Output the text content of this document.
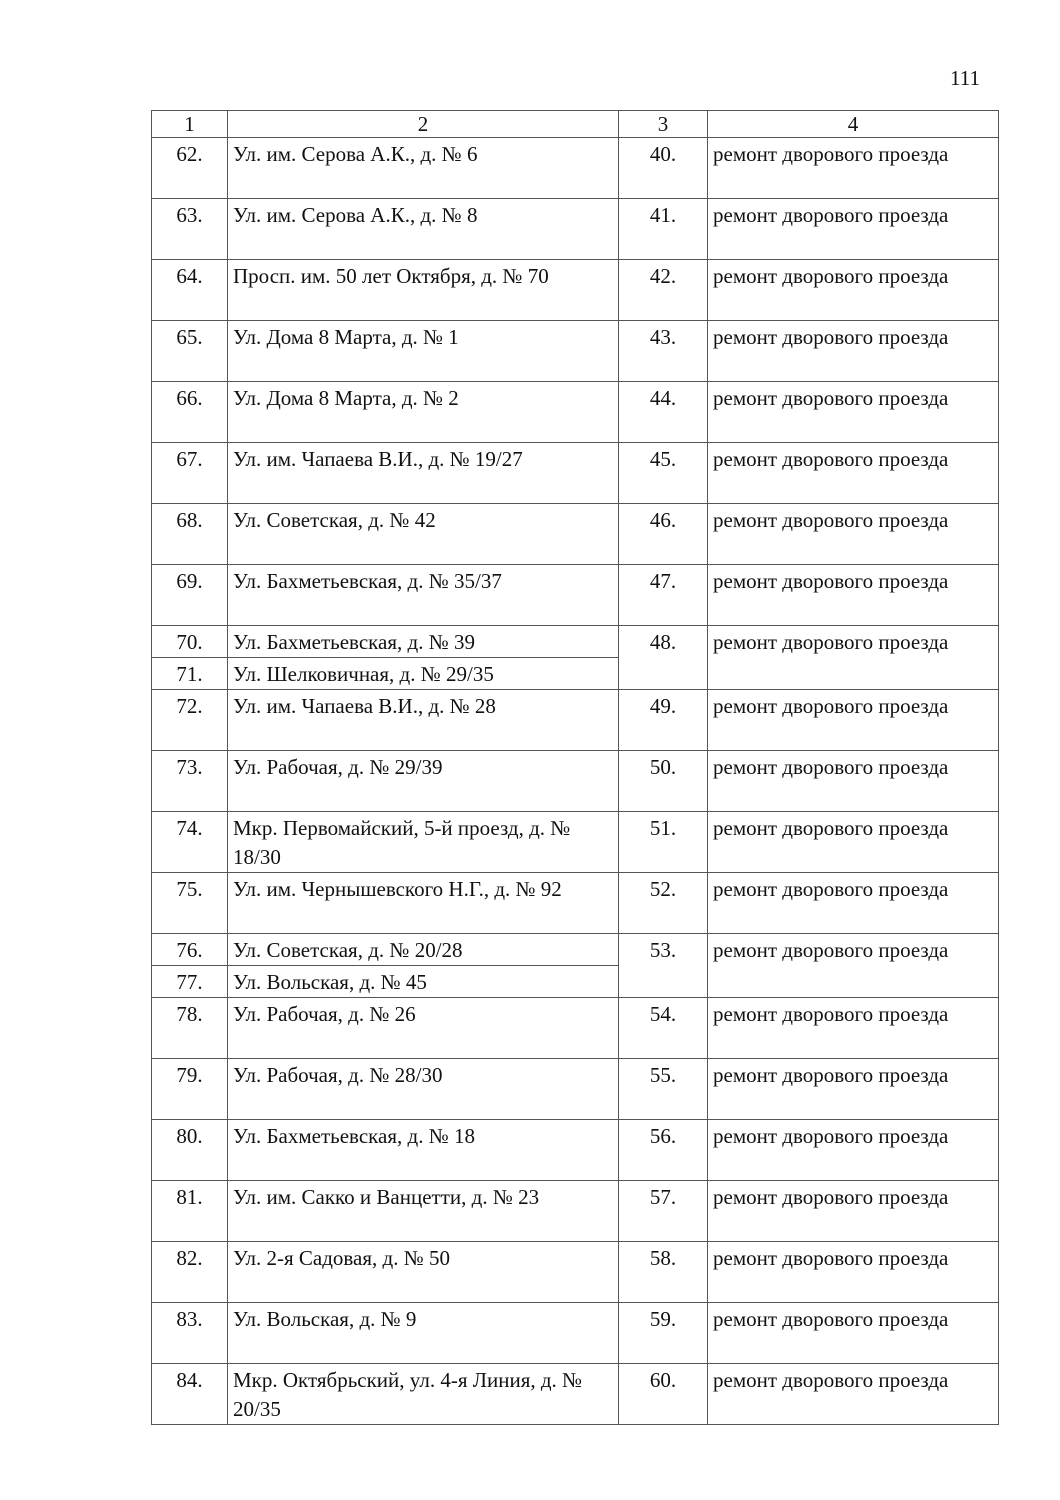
111
1	2	3	4
62.	Ул. им. Серова А.К., д. № 6	40.	ремонт дворового проезда
63.	Ул. им. Серова А.К., д. № 8	41.	ремонт дворового проезда
64.	Просп. им. 50 лет Октября, д. № 70	42.	ремонт дворового проезда
65.	Ул. Дома 8 Марта, д. № 1	43.	ремонт дворового проезда
66.	Ул. Дома 8 Марта, д. № 2	44.	ремонт дворового проезда
67.	Ул. им. Чапаева В.И., д. № 19/27	45.	ремонт дворового проезда
68.	Ул. Советская, д. № 42	46.	ремонт дворового проезда
69.	Ул. Бахметьевская, д. № 35/37	47.	ремонт дворового проезда
70.	Ул. Бахметьевская, д. № 39	48.	ремонт дворового проезда
71.	Ул. Шелковичная, д. № 29/35		
72.	Ул. им. Чапаева В.И., д. № 28	49.	ремонт дворового проезда
73.	Ул. Рабочая, д. № 29/39	50.	ремонт дворового проезда
74.	Мкр. Первомайский, 5-й проезд, д. № 18/30	51.	ремонт дворового проезда
75.	Ул. им. Чернышевского Н.Г., д. № 92	52.	ремонт дворового проезда
76.	Ул. Советская, д. № 20/28	53.	ремонт дворового проезда
77.	Ул. Вольская, д. № 45		
78.	Ул. Рабочая, д. № 26	54.	ремонт дворового проезда
79.	Ул. Рабочая, д. № 28/30	55.	ремонт дворового проезда
80.	Ул. Бахметьевская, д. № 18	56.	ремонт дворового проезда
81.	Ул. им. Сакко и Ванцетти, д. № 23	57.	ремонт дворового проезда
82.	Ул. 2-я Садовая, д. № 50	58.	ремонт дворового проезда
83.	Ул. Вольская, д. № 9	59.	ремонт дворового проезда
84.	Мкр. Октябрьский, ул. 4-я Линия, д. № 20/35	60.	ремонт дворового проезда
